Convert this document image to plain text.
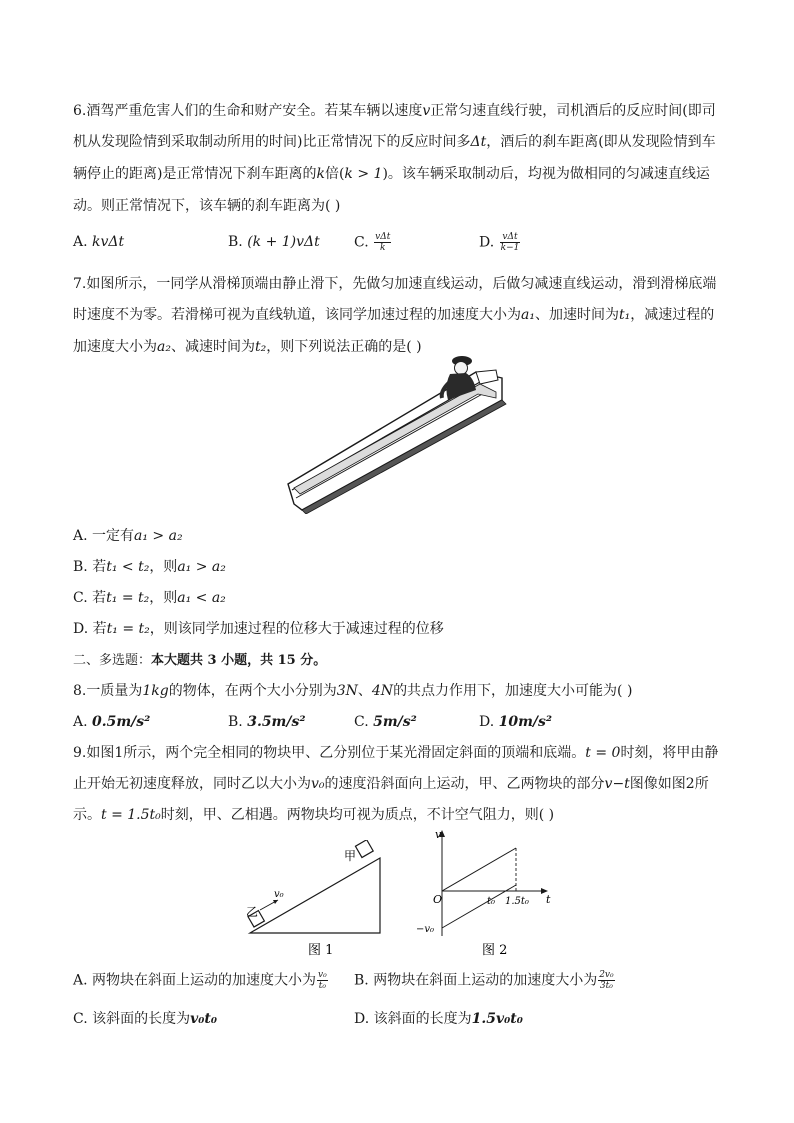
6.酒驾严重危害人们的生命和财产安全。若某车辆以速度v正常匀速直线行驶，司机酒后的反应时间(即司
机从发现险情到采取制动所用的时间)比正常情况下的反应时间多Δt，酒后的刹车距离(即从发现险情到车
辆停止的距离)是正常情况下刹车距离的k倍(k > 1)。该车辆采取制动后，均视为做相同的匀减速直线运
动。则正常情况下，该车辆的刹车距离为( )
A. kvΔt	B. (k + 1)vΔt C. $\frac{\text{vΔt}}{k}$	D. $\frac{\text{vΔt}}{k-1}$
7.如图所示，一同学从滑梯顶端由静止滑下，先做匀加速直线运动，后做匀减速直线运动，滑到滑梯底端
时速度不为零。若滑梯可视为直线轨道，该同学加速过程的加速度大小为a₁、加速时间为t₁，减速过程的
加速度大小为a₂、减速时间为t₂，则下列说法正确的是( )
A. 一定有a₁ > a₂
B. 若t₁ < t₂，则a₁ > a₂
C. 若t₁ = t₂，则a₁ < a₂
D. 若t₁ = t₂，则该同学加速过程的位移大于减速过程的位移
二、多选题：本大题共 3 小题，共 15 分。
8.一质量为1kg的物体，在两个大小分别为3N、4N的共点力作用下，加速度大小可能为( )
A. 0.5m/s²	B. 3.5m/s²	C. 5m/s²	D. 10m/s²
9.如图1所示，两个完全相同的物块甲、乙分别位于某光滑固定斜面的顶端和底端。t = 0时刻，将甲由静
止开始无初速度释放，同时乙以大小为v₀的速度沿斜面向上运动，甲、乙两物块的部分v−t图像如图2所
示。t = 1.5t₀时刻，甲、乙相遇。两物块均可视为质点，不计空气阻力，则( )
甲
乙
v₀
图 1
v
t
O	t₀ 1.5t₀
−v₀
图 2
A. 两物块在斜面上运动的加速度大小为 $\frac{\text{v₀}}{\text{t₀}} B$. 两物块在斜面上运动的加速度大小为 $\frac{\text{2v₀}}{\text{3t₀}}$
C. 该斜面的长度为v₀t₀	D. 该斜面的长度为1.5v₀t₀
